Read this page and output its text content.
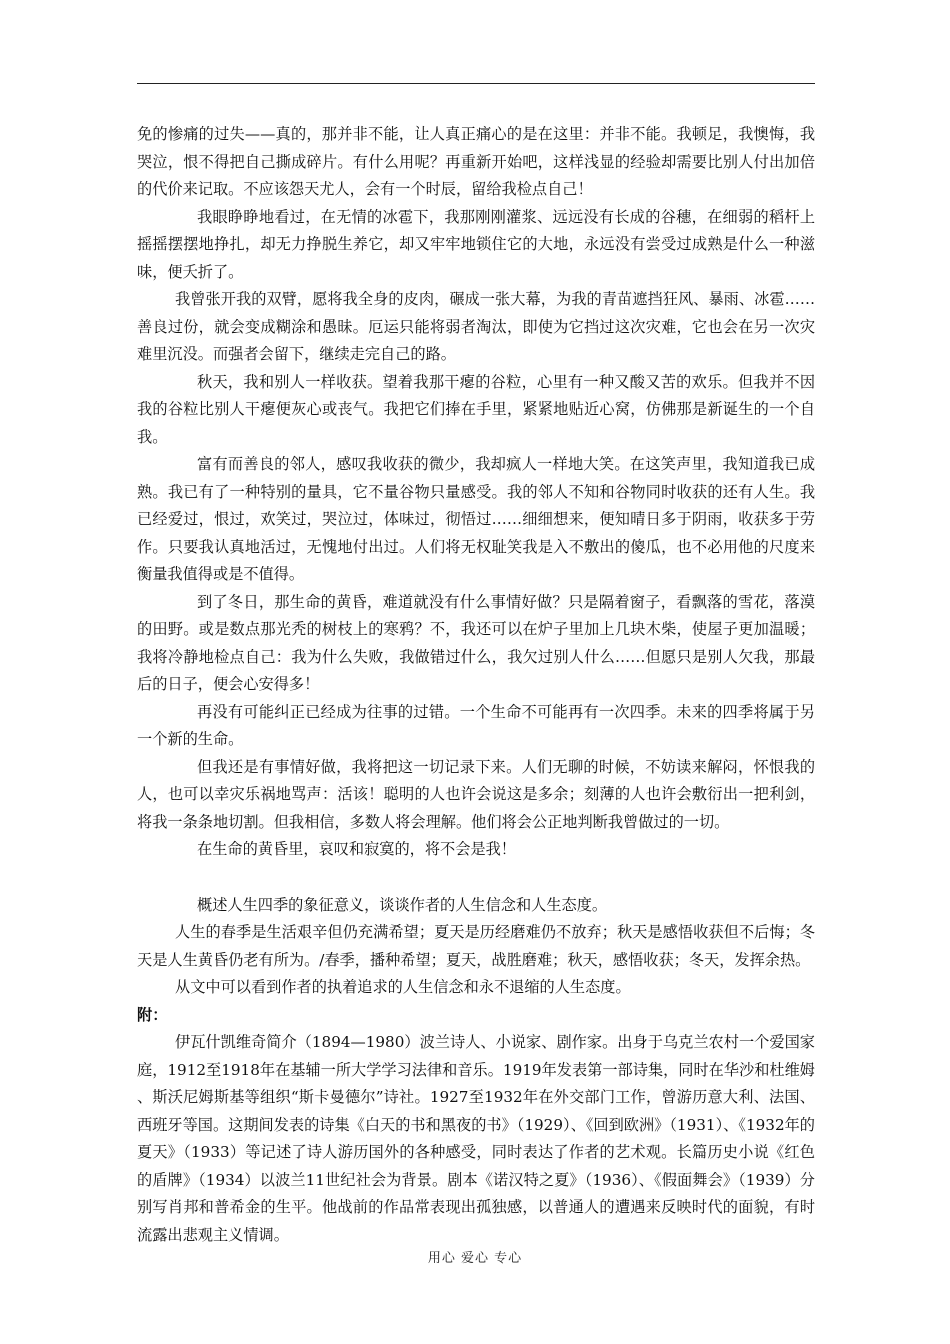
免的惨痛的过失——真的，那并非不能，让人真正痛心的是在这里：并非不能。我顿足，我懊悔，我哭泣，恨不得把自己撕成碎片。有什么用呢？再重新开始吧，这样浅显的经验却需要比别人付出加倍的代价来记取。不应该怨天尤人，会有一个时辰，留给我检点自己！

我眼睁睁地看过，在无情的冰雹下，我那刚刚灌浆、远远没有长成的谷穗，在细弱的稻杆上摇摇摆摆地挣扎，却无力挣脱生养它，却又牢牢地锁住它的大地，永远没有尝受过成熟是什么一种滋味，便夭折了。

我曾张开我的双臂，愿将我全身的皮肉，碾成一张大幕，为我的青苗遮挡狂风、暴雨、冰雹……善良过份，就会变成糊涂和愚昧。厄运只能将弱者淘汰，即使为它挡过这次灾难，它也会在另一次灾难里沉没。而强者会留下，继续走完自己的路。

秋天，我和别人一样收获。望着我那干瘪的谷粒，心里有一种又酸又苦的欢乐。但我并不因我的谷粒比别人干瘪便灰心或丧气。我把它们捧在手里，紧紧地贴近心窝，仿佛那是新诞生的一个自我。

富有而善良的邻人，感叹我收获的微少，我却疯人一样地大笑。在这笑声里，我知道我已成熟。我已有了一种特别的量具，它不量谷物只量感受。我的邻人不知和谷物同时收获的还有人生。我已经爱过，恨过，欢笑过，哭泣过，体味过，彻悟过……细细想来，便知晴日多于阴雨，收获多于劳作。只要我认真地活过，无愧地付出过。人们将无权耻笑我是入不敷出的傻瓜，也不必用他的尺度来衡量我值得或是不值得。

到了冬日，那生命的黄昏，难道就没有什么事情好做？只是隔着窗子，看飘落的雪花，落漠的田野。或是数点那光秃的树枝上的寒鸦？不，我还可以在炉子里加上几块木柴，使屋子更加温暖；我将冷静地检点自己：我为什么失败，我做错过什么，我欠过别人什么……但愿只是别人欠我，那最后的日子，便会心安得多！

再没有可能纠正已经成为往事的过错。一个生命不可能再有一次四季。未来的四季将属于另一个新的生命。

但我还是有事情好做，我将把这一切记录下来。人们无聊的时候，不妨读来解闷，怀恨我的人，也可以幸灾乐祸地骂声：活该！聪明的人也许会说这是多余；刻薄的人也许会敷衍出一把利剑，将我一条条地切割。但我相信，多数人将会理解。他们将会公正地判断我曾做过的一切。

在生命的黄昏里，哀叹和寂寞的，将不会是我！

概述人生四季的象征意义，谈谈作者的人生信念和人生态度。

人生的春季是生活艰辛但仍充满希望；夏天是历经磨难仍不放弃；秋天是感悟收获但不后悔；冬天是人生黄昏仍老有所为。/春季，播种希望；夏天，战胜磨难；秋天，感悟收获；冬天，发挥余热。

从文中可以看到作者的执着追求的人生信念和永不退缩的人生态度。

附：

伊瓦什凯维奇简介（1894—1980）波兰诗人、小说家、剧作家。出身于乌克兰农村一个爱国家庭，1912至1918年在基辅一所大学学习法律和音乐。1919年发表第一部诗集，同时在华沙和杜维姆、斯沃尼姆斯基等组织“斯卡曼德尔”诗社。1927至1932年在外交部门工作，曾游历意大利、法国、西班牙等国。这期间发表的诗集《白天的书和黑夜的书》（1929）、《回到欧洲》（1931）、《1932年的夏天》（1933）等记述了诗人游历国外的各种感受，同时表达了作者的艺术观。长篇历史小说《红色的盾牌》（1934）以波兰11世纪社会为背景。剧本《诺汉特之夏》（1936）、《假面舞会》（1939）分别写肖邦和普希金的生平。他战前的作品常表现出孤独感，以普通人的遭遇来反映时代的面貌，有时流露出悲观主义情调。

用心 爱心 专心
